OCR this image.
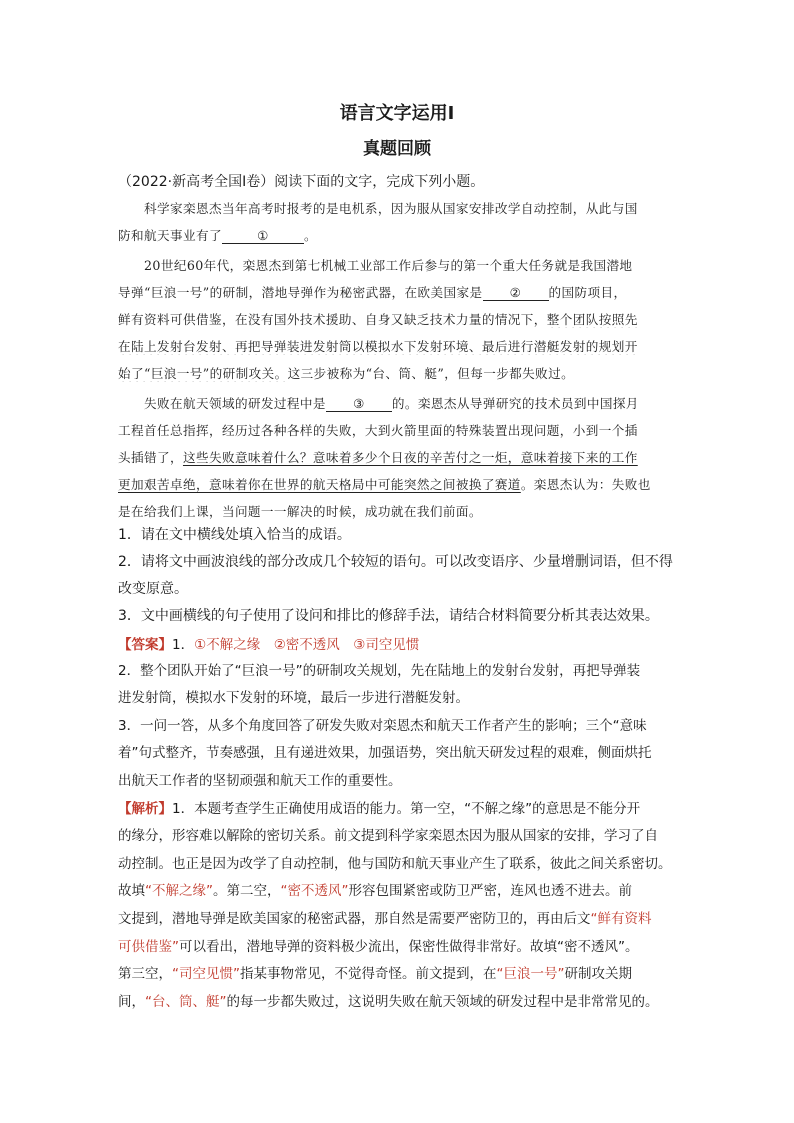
语言文字运用Ⅰ
真题回顾
（2022·新高考全国Ⅰ卷）阅读下面的文字，完成下列小题。
科学家栾恩杰当年高考时报考的是电机系，因为服从国家安排改学自动控制，从此与国
防和航天事业有了	①	。
20世纪60年代，栾恩杰到第七机械工业部工作后参与的第一个重大任务就是我国潜地
导弹“巨浪一号”的研制，潜地导弹作为秘密武器，在欧美国家是 ② 的国防项目，
鲜有资料可供借鉴，在没有国外技术援助、自身又缺乏技术力量的情况下，整个团队按照先
在陆上发射台发射、再把导弹装进发射筒以模拟水下发射环境、最后进行潜艇发射的规划开
始了“巨浪一号”的研制攻关。这三步被称为“台、筒、艇”，但每一步都失败过。
失败在航天领域的研发过程中是 ③ 的。栾恩杰从导弹研究的技术员到中国探月
工程首任总指挥，经历过各种各样的失败，大到火箭里面的特殊装置出现问题，小到一个插
头插错了，这些失败意味着什么？意味着多少个日夜的辛苦付之一炬，意味着接下来的工作
更加艰苦卓绝，意味着你在世界的航天格局中可能突然之间被换了赛道。栾恩杰认为：失败也
是在给我们上课，当问题一一解决的时候，成功就在我们前面。
1．请在文中横线处填入恰当的成语。
2．请将文中画波浪线的部分改成几个较短的语句。可以改变语序、少量增删词语，但不得
改变原意。
3．文中画横线的句子使用了设问和排比的修辞手法，请结合材料简要分析其表达效果。
【答案】1．①不解之缘　②密不透风　③司空见惯
2．整个团队开始了“巨浪一号”的研制攻关规划，先在陆地上的发射台发射，再把导弹装
进发射筒，模拟水下发射的环境，最后一步进行潜艇发射。
3．一问一答，从多个角度回答了研发失败对栾恩杰和航天工作者产生的影响；三个“意味
着”句式整齐，节奏感强，且有递进效果，加强语势，突出航天研发过程的艰难，侧面烘托
出航天工作者的坚韧顽强和航天工作的重要性。
【解析】1．本题考查学生正确使用成语的能力。第一空，“不解之缘”的意思是不能分开
的缘分，形容难以解除的密切关系。前文提到科学家栾恩杰因为服从国家的安排，学习了自
动控制。也正是因为改学了自动控制，他与国防和航天事业产生了联系，彼此之间关系密切。
故填“不解之缘”。第二空，“密不透风”形容包围紧密或防卫严密，连风也透不进去。前
文提到，潜地导弹是欧美国家的秘密武器，那自然是需要严密防卫的，再由后文“鲜有资料
可供借鉴”可以看出，潜地导弹的资料极少流出，保密性做得非常好。故填“密不透风”。
第三空，“司空见惯”指某事物常见，不觉得奇怪。前文提到，在“巨浪一号”研制攻关期
间，“台、筒、艇”的每一步都失败过，这说明失败在航天领域的研发过程中是非常常见的。
